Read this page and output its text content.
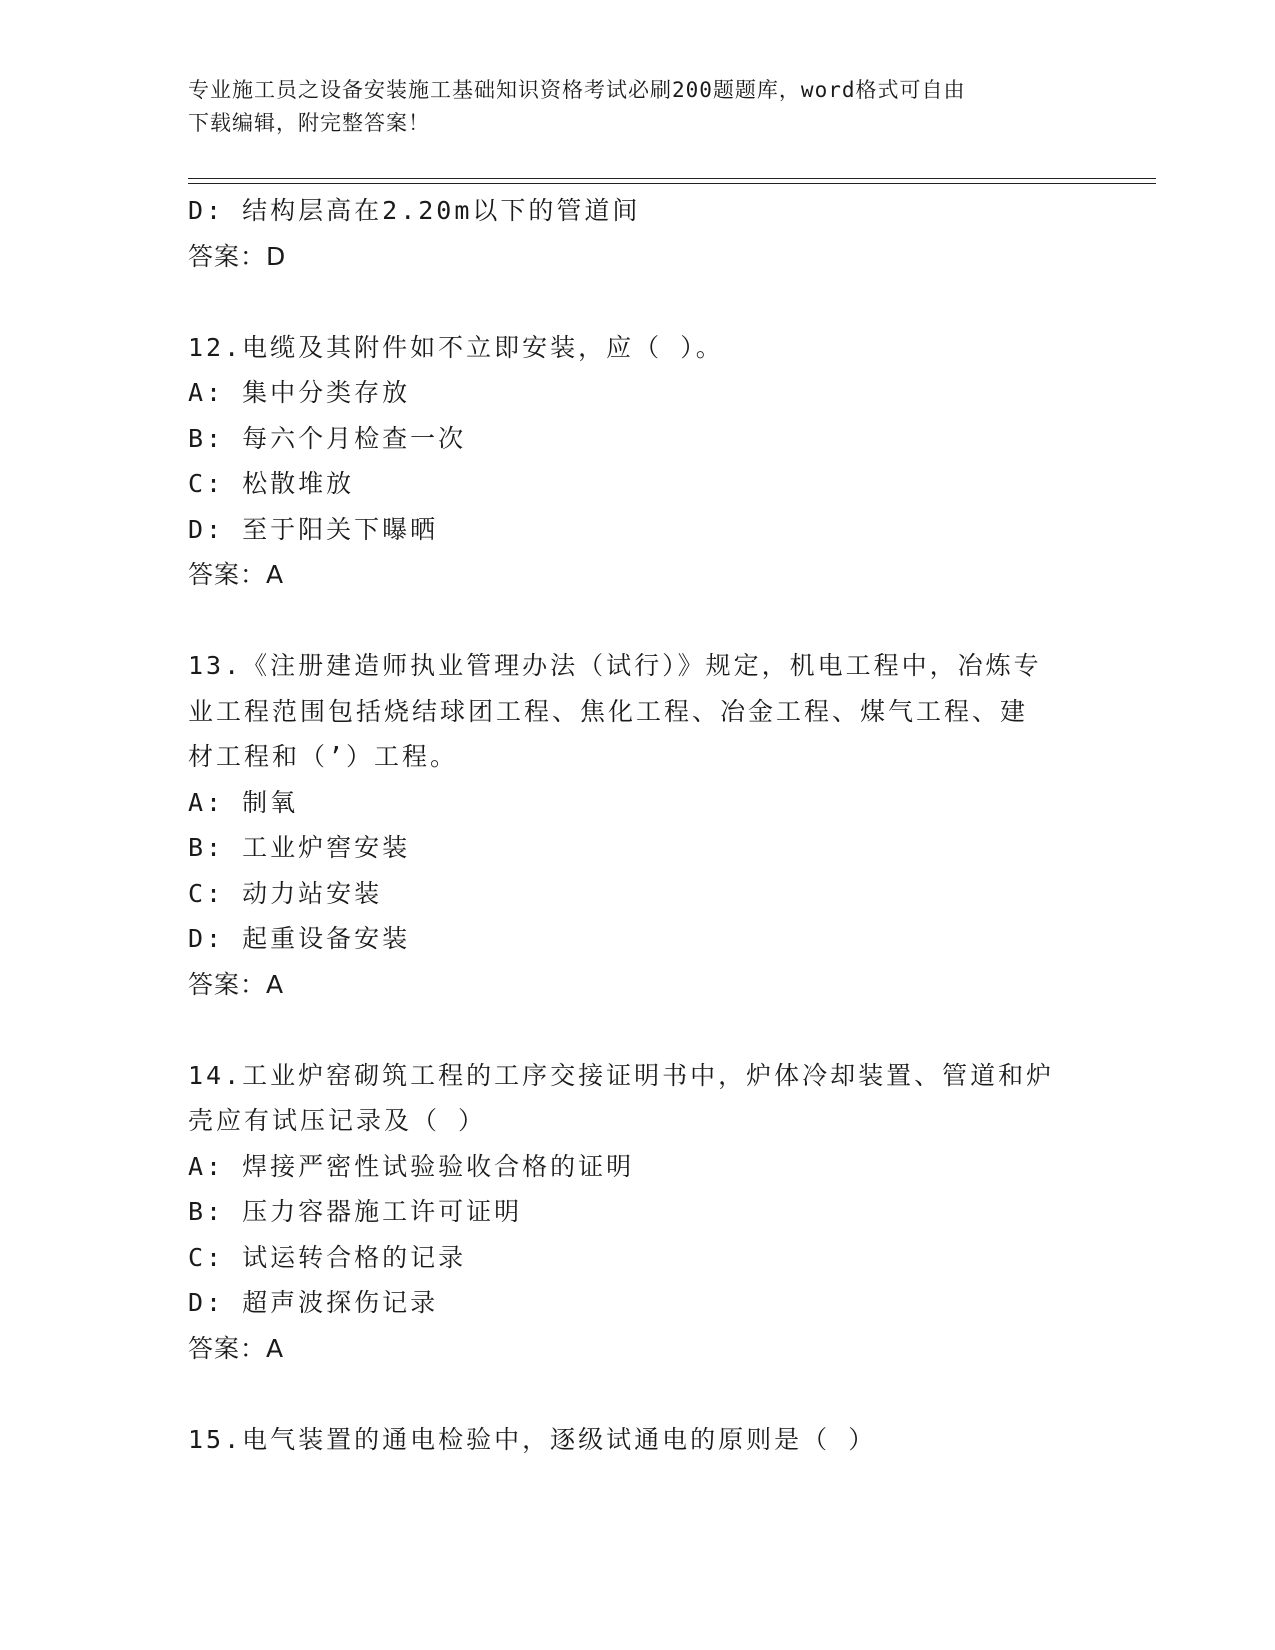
专业施工员之设备安装施工基础知识资格考试必刷200题题库，word格式可自由
下载编辑，附完整答案！
D: 结构层高在2.20m以下的管道间
答案：D
12.电缆及其附件如不立即安装，应（ ）。
A: 集中分类存放
B: 每六个月检查一次
C: 松散堆放
D: 至于阳关下曝晒
答案：A
13.《注册建造师执业管理办法（试行）》规定，机电工程中，冶炼专
业工程范围包括烧结球团工程、焦化工程、冶金工程、煤气工程、建
材工程和（’）工程。
A: 制氧
B: 工业炉窖安装
C: 动力站安装
D: 起重设备安装
答案：A
14.工业炉窑砌筑工程的工序交接证明书中，炉体冷却装置、管道和炉
壳应有试压记录及（ ）
A: 焊接严密性试验验收合格的证明
B: 压力容器施工许可证明
C: 试运转合格的记录
D: 超声波探伤记录
答案：A
15.电气装置的通电检验中，逐级试通电的原则是（ ）
